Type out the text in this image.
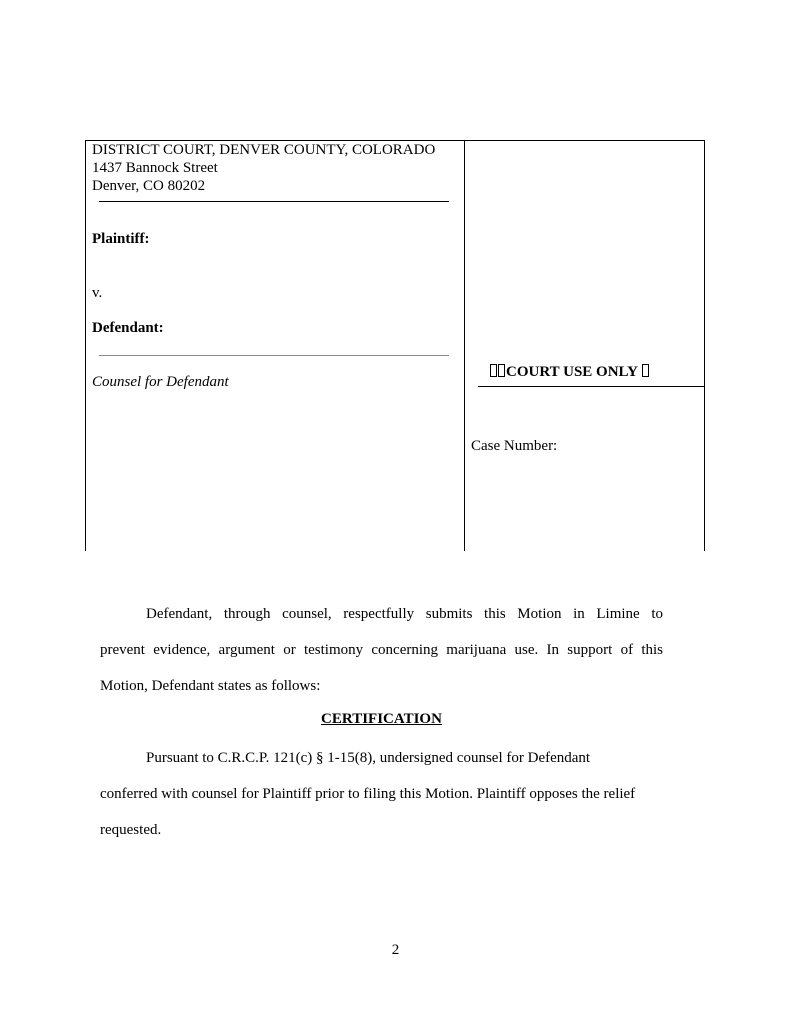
DISTRICT COURT, DENVER COUNTY, COLORADO
1437 Bannock Street
Denver, CO 80202
Plaintiff:
v.
Defendant:
Counsel for Defendant
COURT USE ONLY
Case Number:
Defendant, through counsel, respectfully submits this Motion in Limine to
prevent evidence, argument or testimony concerning marijuana use. In support of this
Motion, Defendant states as follows:
CERTIFICATION
Pursuant to C.R.C.P. 121(c) § 1-15(8), undersigned counsel for Defendant
conferred with counsel for Plaintiff prior to filing this Motion. Plaintiff opposes the relief
requested.
2
